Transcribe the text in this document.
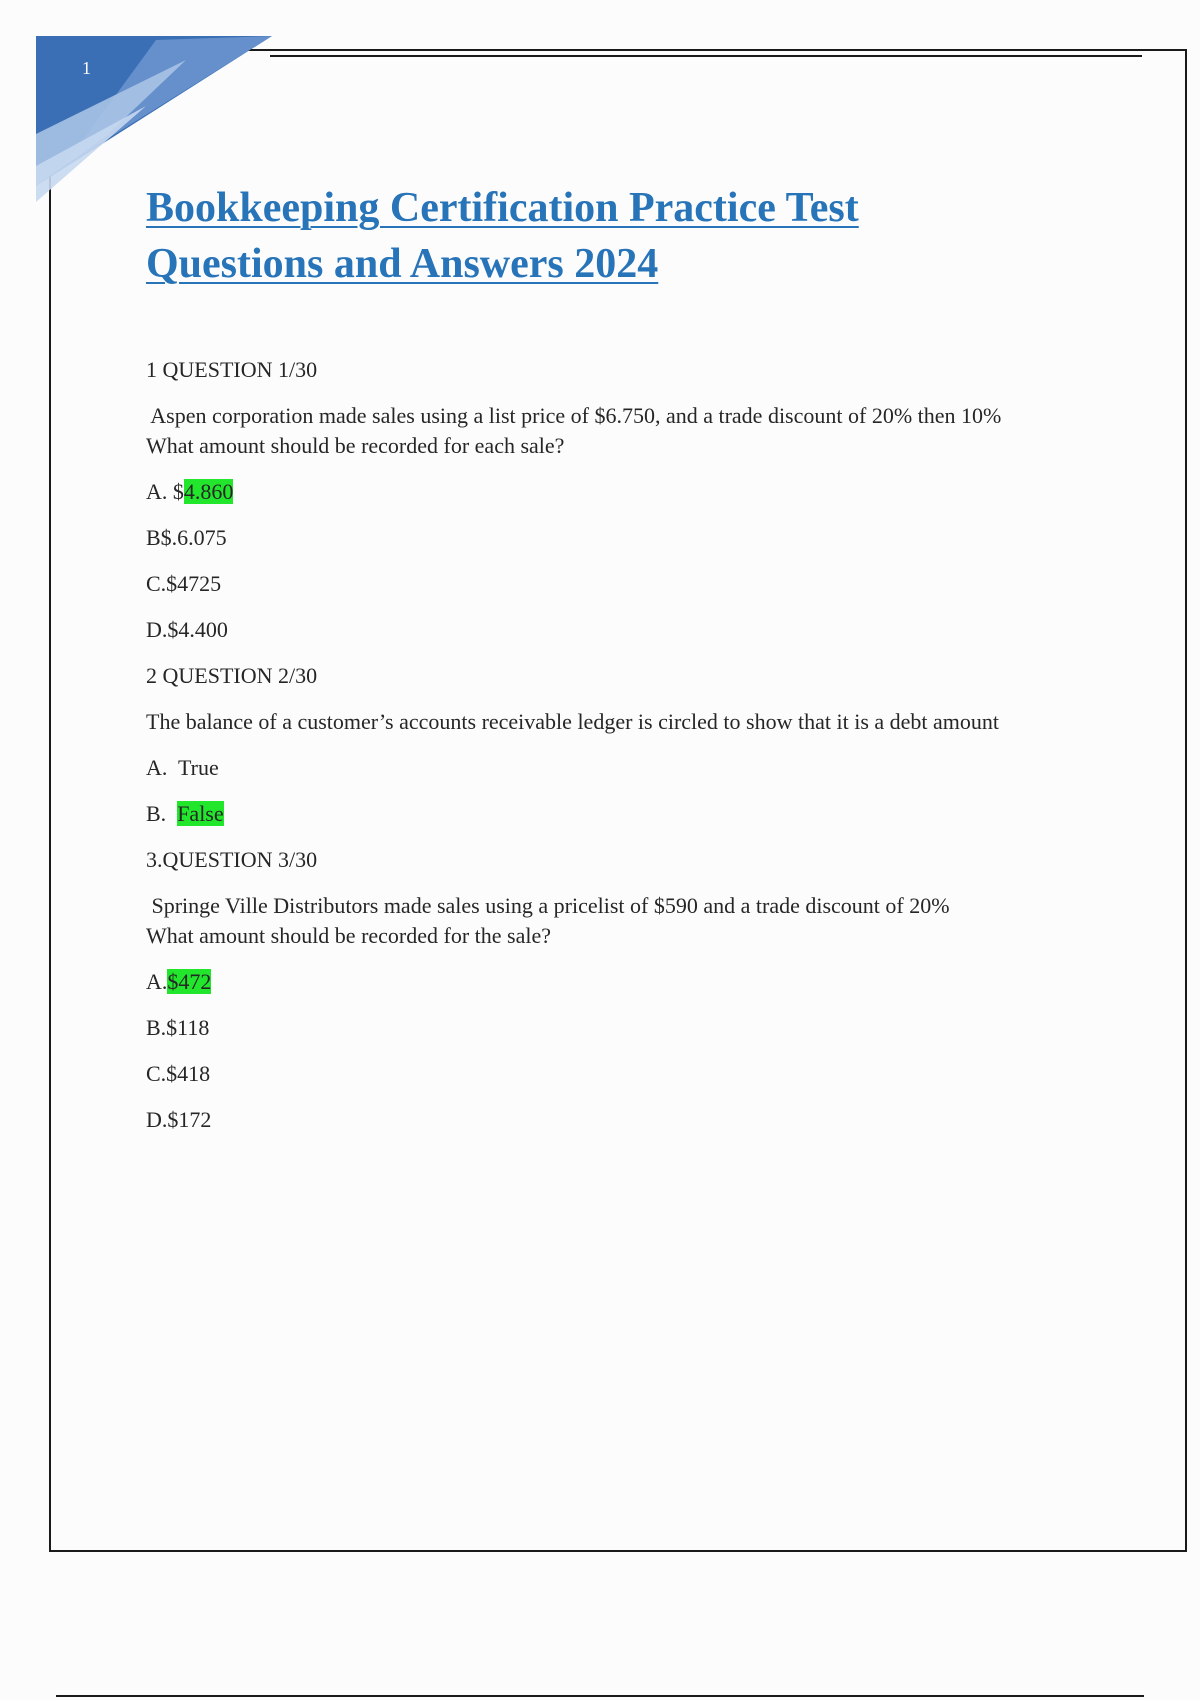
1
Bookkeeping Certification Practice Test
Questions and Answers 2024
1 QUESTION 1/30
Aspen corporation made sales using a list price of $6.750, and a trade discount of 20% then 10%
What amount should be recorded for each sale?
A. $4.860
B$.6.075
C.$4725
D.$4.400
2 QUESTION 2/30
The balance of a customer’s accounts receivable ledger is circled to show that it is a debt amount
A.  True
B.  False
3.QUESTION 3/30
Springe Ville Distributors made sales using a pricelist of $590 and a trade discount of 20%
What amount should be recorded for the sale?
A.$472
B.$118
C.$418
D.$172
